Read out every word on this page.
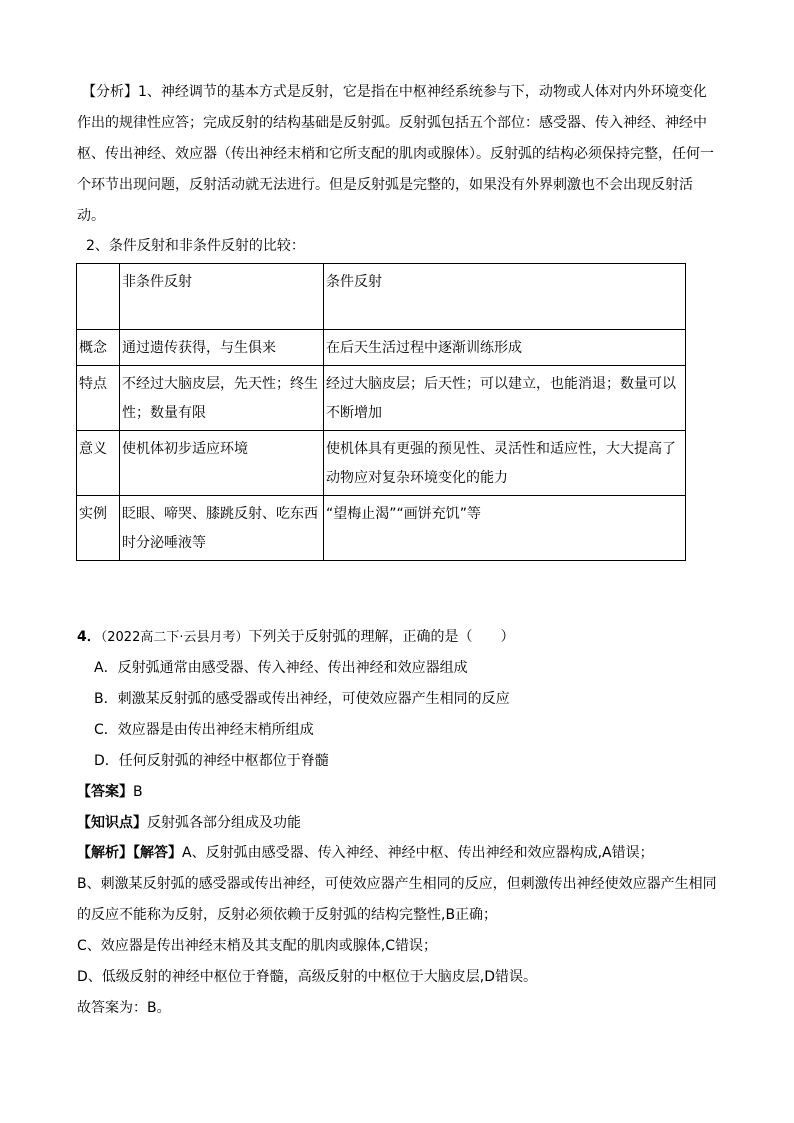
【分析】1、神经调节的基本方式是反射，它是指在中枢神经系统参与下，动物或人体对内外环境变化作出的规律性应答；完成反射的结构基础是反射弧。反射弧包括五个部位：感受器、传入神经、神经中枢、传出神经、效应器（传出神经末梢和它所支配的肌肉或腺体）。反射弧的结构必须保持完整，任何一个环节出现问题，反射活动就无法进行。但是反射弧是完整的，如果没有外界刺激也不会出现反射活动。
2、条件反射和非条件反射的比较：
	非条件反射	条件反射
概念	通过遗传获得，与生俱来	在后天生活过程中逐渐训练形成
特点	不经过大脑皮层，先天性；终生性；数量有限	经过大脑皮层；后天性；可以建立，也能消退；数量可以不断增加
意义	使机体初步适应环境	使机体具有更强的预见性、灵活性和适应性，大大提高了动物应对复杂环境变化的能力
实例	眨眼、啼哭、膝跳反射、吃东西时分泌唾液等	“望梅止渴”“画饼充饥”等
4．（2022高二下·云县月考）下列关于反射弧的理解，正确的是（　　）
A．反射弧通常由感受器、传入神经、传出神经和效应器组成
B．刺激某反射弧的感受器或传出神经，可使效应器产生相同的反应
C．效应器是由传出神经末梢所组成
D．任何反射弧的神经中枢都位于脊髓
【答案】B
【知识点】反射弧各部分组成及功能
【解析】【解答】A、反射弧由感受器、传入神经、神经中枢、传出神经和效应器构成,A错误；
B、刺激某反射弧的感受器或传出神经，可使效应器产生相同的反应，但刺激传出神经使效应器产生相同的反应不能称为反射，反射必须依赖于反射弧的结构完整性,B正确；
C、效应器是传出神经末梢及其支配的肌肉或腺体,C错误；
D、低级反射的神经中枢位于脊髓，高级反射的中枢位于大脑皮层,D错误。
故答案为：B。
